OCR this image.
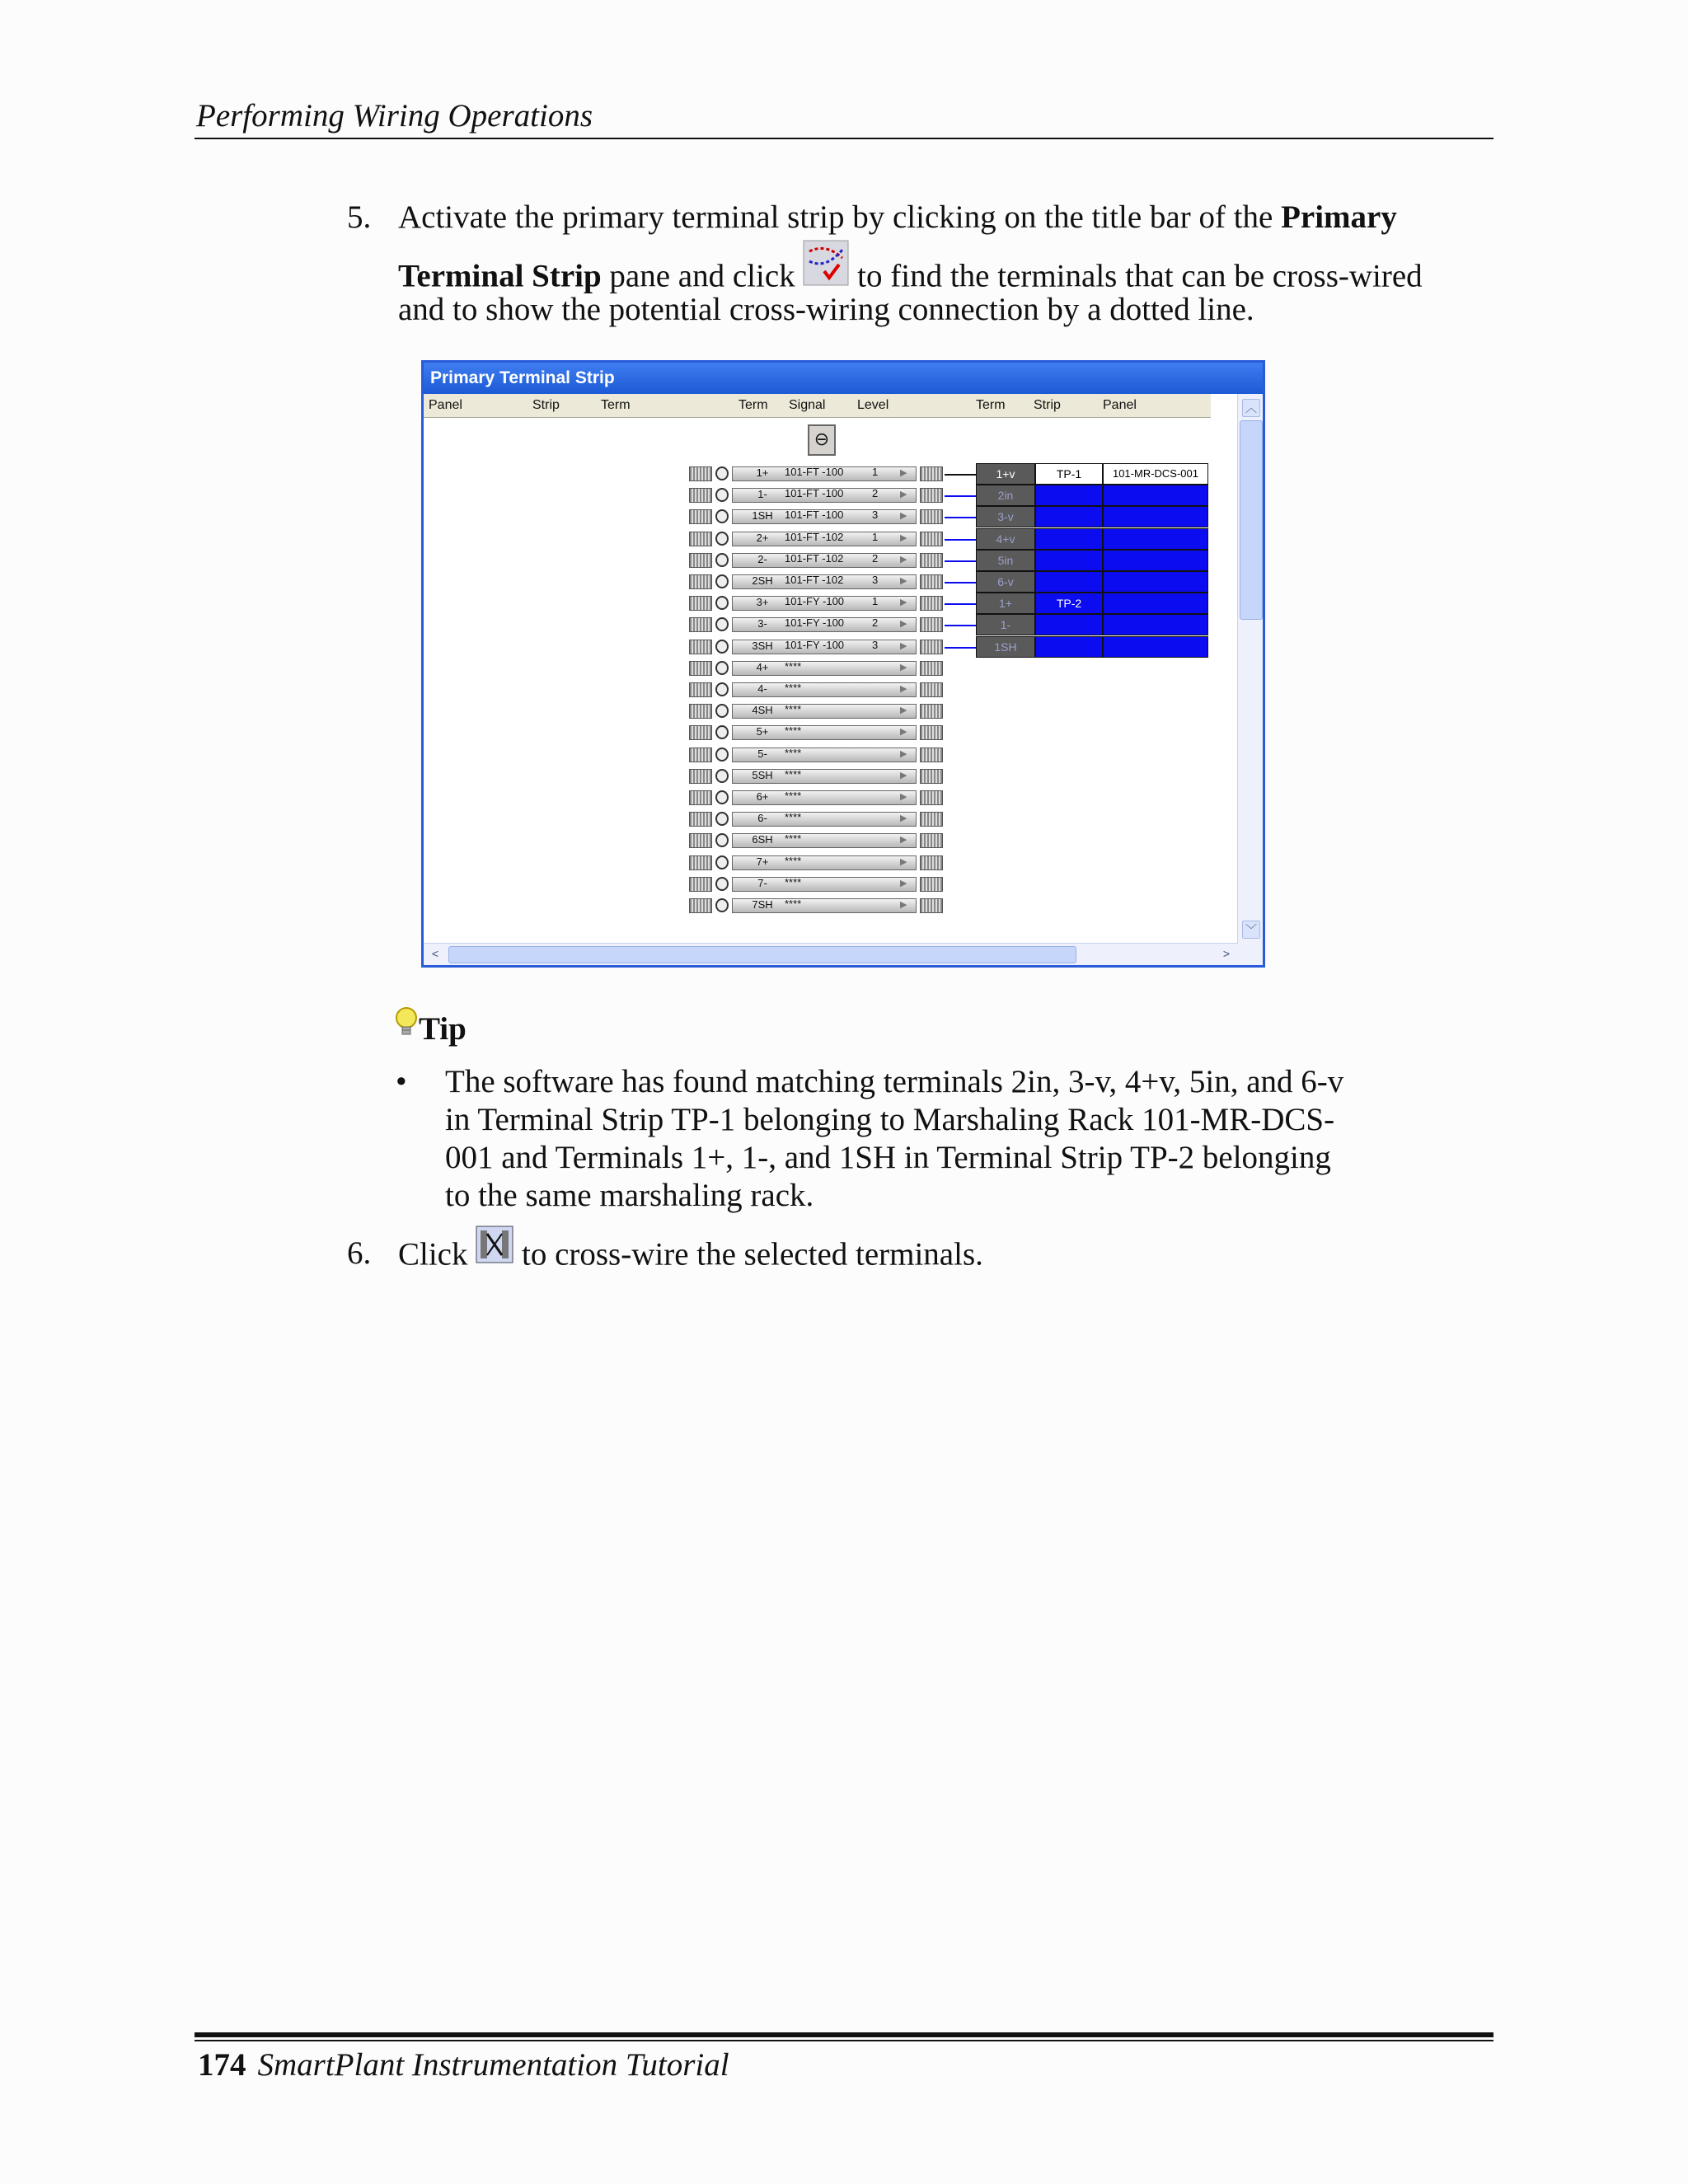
Performing Wiring Operations
5. Activate the primary terminal strip by clicking on the title bar of the Primary
Terminal Strip pane and click  to find the terminals that can be cross-wired
and to show the potential cross-wiring connection by a dotted line.
Primary Terminal Strip
Panel	Strip	Term	Term Signal Level	Term Strip	Panel
⊖
1+	101-FT -100	1 ▶
1-	101-FT -100	2 ▶
1SH	101-FT -100	3 ▶
2+	101-FT -102	1 ▶
2-	101-FT -102	2 ▶
2SH	101-FT -102	3 ▶
3+	101-FY -100	1 ▶
3-	101-FY -100	2 ▶
3SH	101-FY -100	3 ▶
4+	****	▶
4-	****	▶
4SH	****	▶
5+	****	▶
5-	****	▶
5SH	****	▶
6+	****	▶
6-	****	▶
6SH	****	▶
7+	****	▶
7-	****	▶
7SH	****	▶
1+v	TP-1	101-MR-DCS-001
2in
3-v
4+v
5in
6-v
1+	TP-2
1-
1SH
︿
﹀
<	>
Tip
• The software has found matching terminals 2in, 3-v, 4+v, 5in, and 6-v
in Terminal Strip TP-1 belonging to Marshaling Rack 101-MR-DCS-
001 and Terminals 1+, 1-, and 1SH in Terminal Strip TP-2 belonging
to the same marshaling rack.
6. Click  to cross-wire the selected terminals.
174 SmartPlant Instrumentation Tutorial
